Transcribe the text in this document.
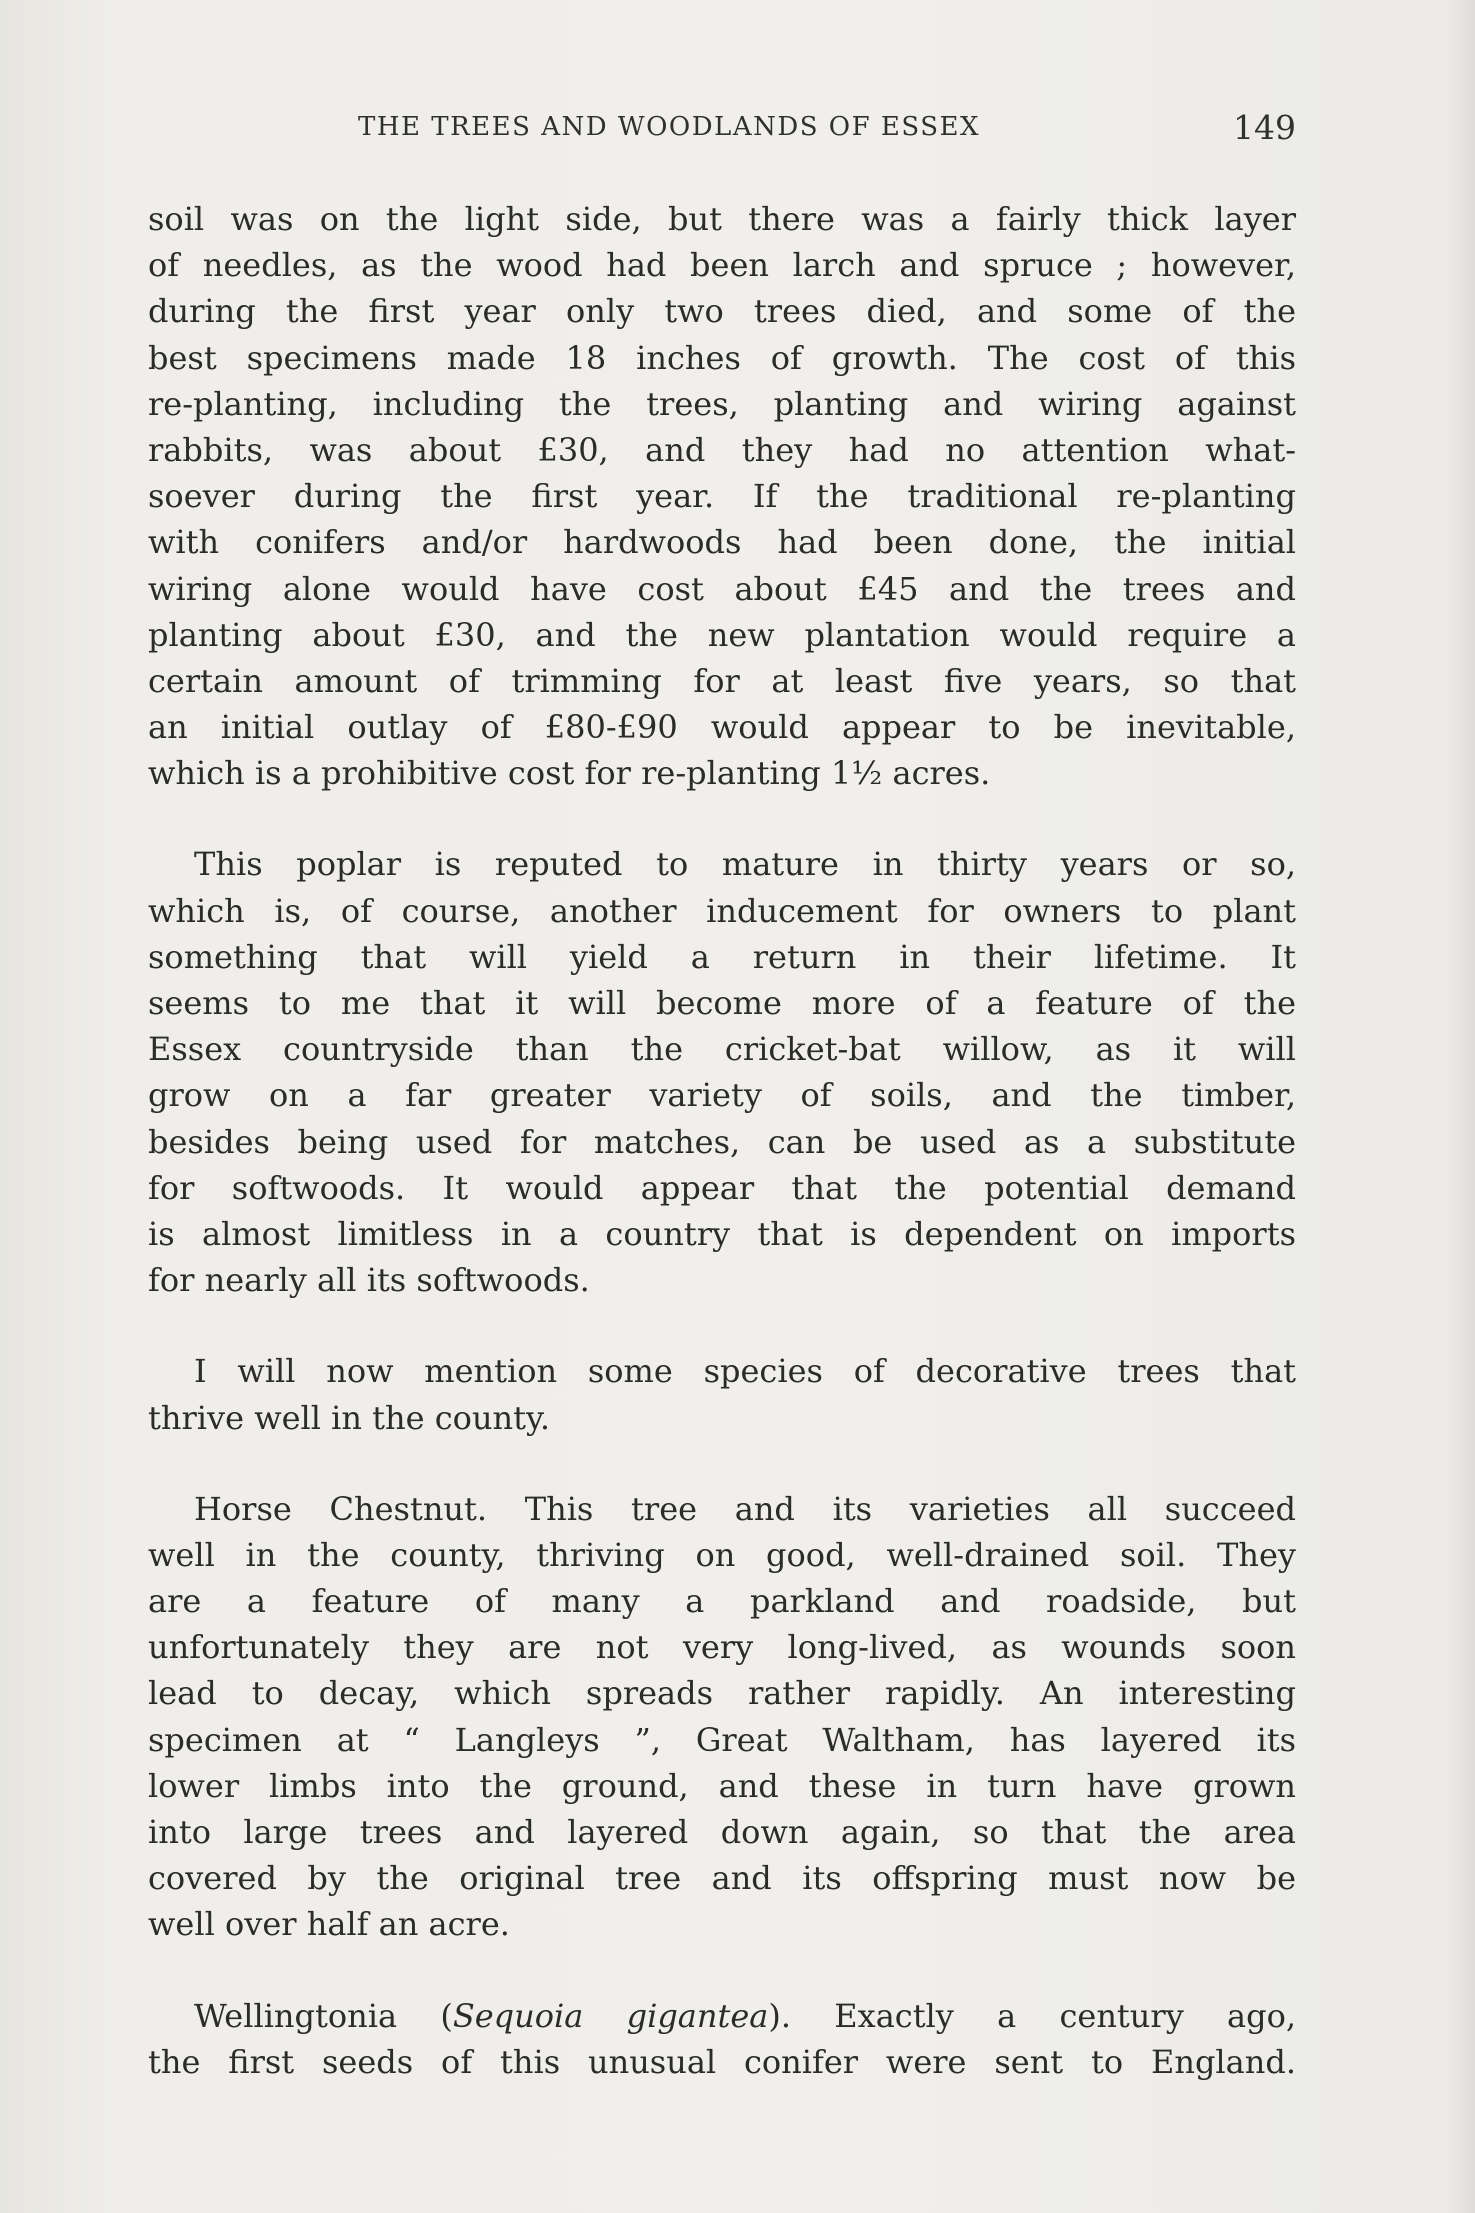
THE TREES AND WOODLANDS OF ESSEX	149

soil was on the light side, but there was a fairly thick layer
of needles, as the wood had been larch and spruce ; however,
during the first year only two trees died, and some of the
best specimens made 18 inches of growth. The cost of this
re-planting, including the trees, planting and wiring against
rabbits, was about £30, and they had no attention what-
soever during the first year. If the traditional re-planting
with conifers and/or hardwoods had been done, the initial
wiring alone would have cost about £45 and the trees and
planting about £30, and the new plantation would require a
certain amount of trimming for at least five years, so that
an initial outlay of £80-£90 would appear to be inevitable,
which is a prohibitive cost for re-planting 1½ acres.

This poplar is reputed to mature in thirty years or so,
which is, of course, another inducement for owners to plant
something that will yield a return in their lifetime. It
seems to me that it will become more of a feature of the
Essex countryside than the cricket-bat willow, as it will
grow on a far greater variety of soils, and the timber,
besides being used for matches, can be used as a substitute
for softwoods. It would appear that the potential demand
is almost limitless in a country that is dependent on imports
for nearly all its softwoods.

I will now mention some species of decorative trees that
thrive well in the county.

Horse Chestnut. This tree and its varieties all succeed
well in the county, thriving on good, well-drained soil. They
are a feature of many a parkland and roadside, but
unfortunately they are not very long-lived, as wounds soon
lead to decay, which spreads rather rapidly. An interesting
specimen at “ Langleys ”, Great Waltham, has layered its
lower limbs into the ground, and these in turn have grown
into large trees and layered down again, so that the area
covered by the original tree and its offspring must now be
well over half an acre.

Wellingtonia (Sequoia gigantea). Exactly a century ago,
the first seeds of this unusual conifer were sent to England.
